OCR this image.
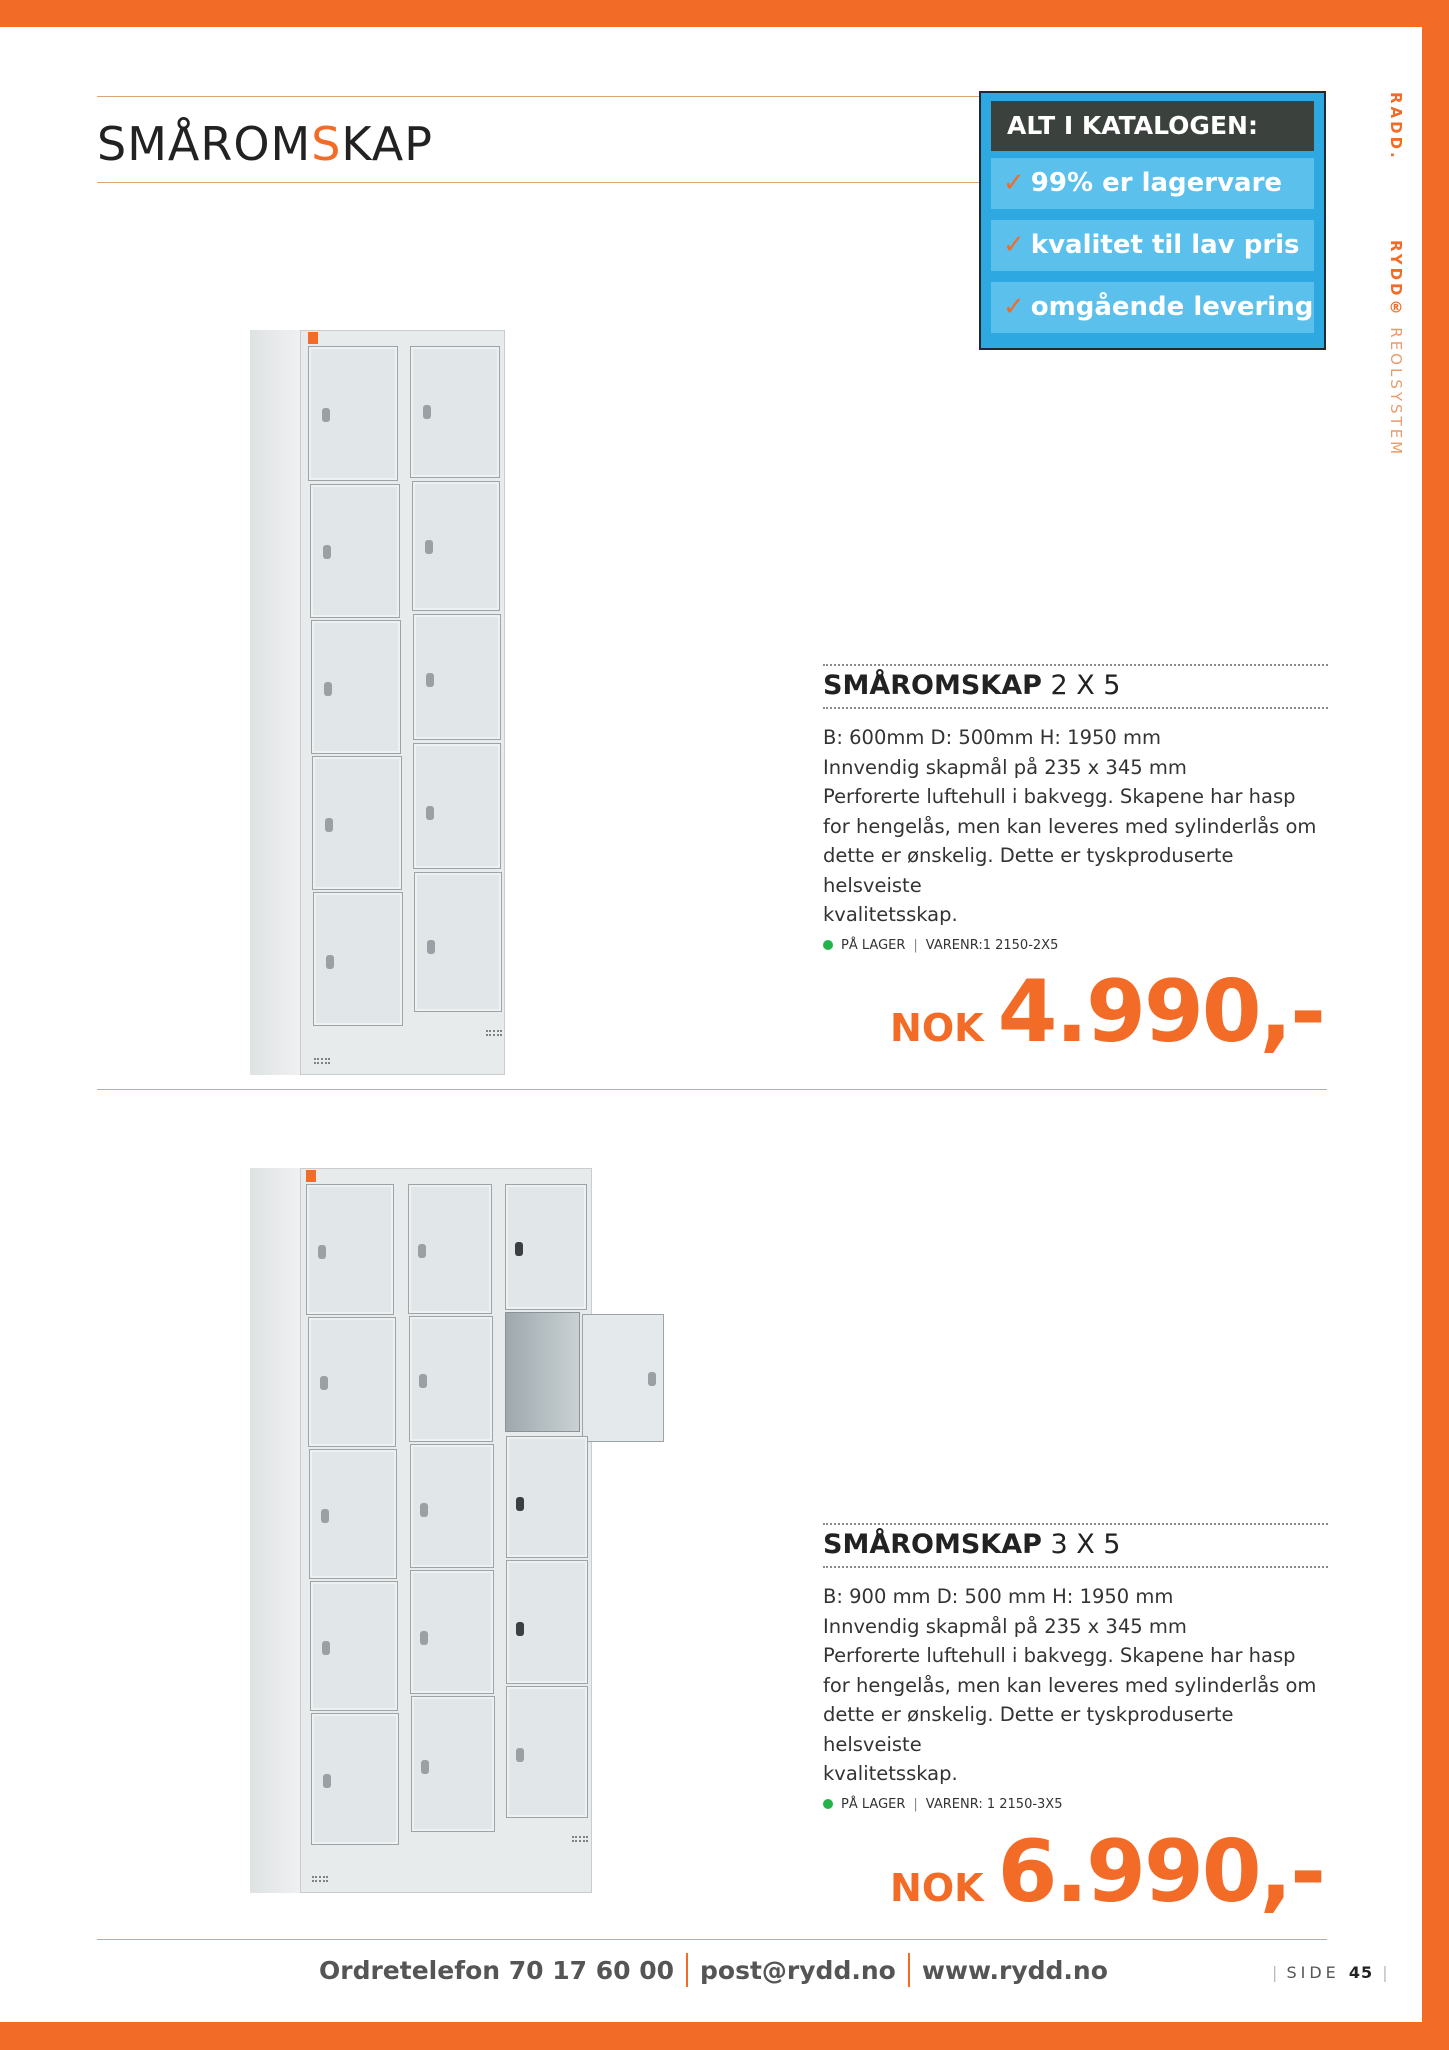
SMÅROMSKAP	ALT I KATALOGEN:
✓ 99% er lagervare
✓ kvalitet til lav pris
✓ omgående levering
RADD.
RYDD® REOLSYSTEM
SMÅROMSKAP 2 X 5
B: 600mm D: 500mm H: 1950 mm
Innvendig skapmål på 235 x 345 mm
Perforerte luftehull i bakvegg. Skapene har hasp
for hengelås, men kan leveres med sylinderlås om
dette er ønskelig. Dette er tyskproduserte helsveiste
kvalitetsskap.
PÅ LAGER | VARENR:1 2150-2X5
NOK 4.990,-
SMÅROMSKAP 3 X 5
B: 900 mm D: 500 mm H: 1950 mm
Innvendig skapmål på 235 x 345 mm
Perforerte luftehull i bakvegg. Skapene har hasp
for hengelås, men kan leveres med sylinderlås om
dette er ønskelig. Dette er tyskproduserte helsveiste
kvalitetsskap.
PÅ LAGER | VARENR: 1 2150-3X5
NOK 6.990,-
Ordretelefon 70 17 60 00 post@rydd.no www.rydd.no	| SIDE 45 |
